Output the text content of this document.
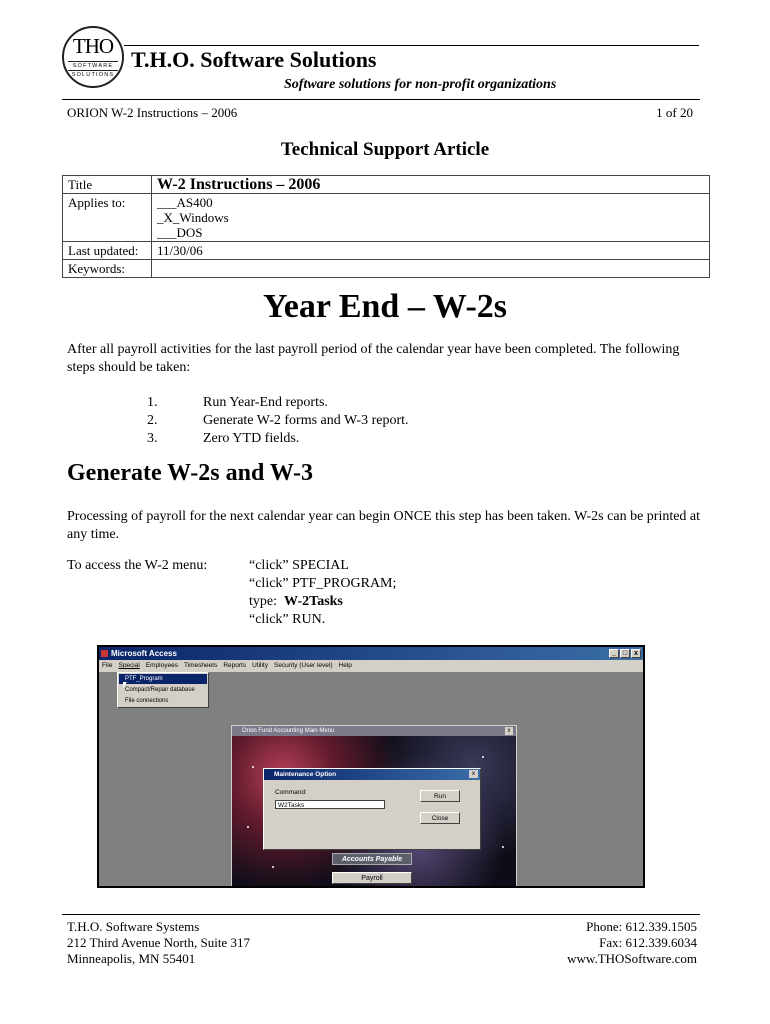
THO
SOFTWARE
SOLUTIONS
T.H.O. Software Solutions
Software solutions for non-profit organizations
ORION W-2 Instructions – 2006	1 of 20
Technical Support Article
Title	W-2 Instructions – 2006
Applies to:	___AS400
_X_Windows
___DOS

Last updated:	11/30/06
Keywords:	
Year End – W-2s
After all payroll activities for the last payroll period of the calendar year have been completed. The following steps should be taken:
1.	Run Year-End reports.
2.	Generate W-2 forms and W-3 report.
3.	Zero YTD fields.
Generate W-2s and W-3
Processing of payroll for the next calendar year can begin ONCE this step has been taken. W-2s can be printed at any time.
To access the W-2 menu:	“click” SPECIAL
“click” PTF_PROGRAM;
type:  W-2Tasks
“click” RUN.
Microsoft Access	_ □ x
File Special Employees Timesheets Reports Utility Security (User level) Help
PTF_Program
Compact/Repair database
File connections
Orion Fund Accounting Main Menu	x
Maintenance Option	x
Command:
W2Tasks
Run
Close
Accounts Payable
Payroll
T.H.O. Software Systems
212 Third Avenue North, Suite 317
Minneapolis, MN 55401
Phone: 612.339.1505
Fax: 612.339.6034
www.THOSoftware.com
